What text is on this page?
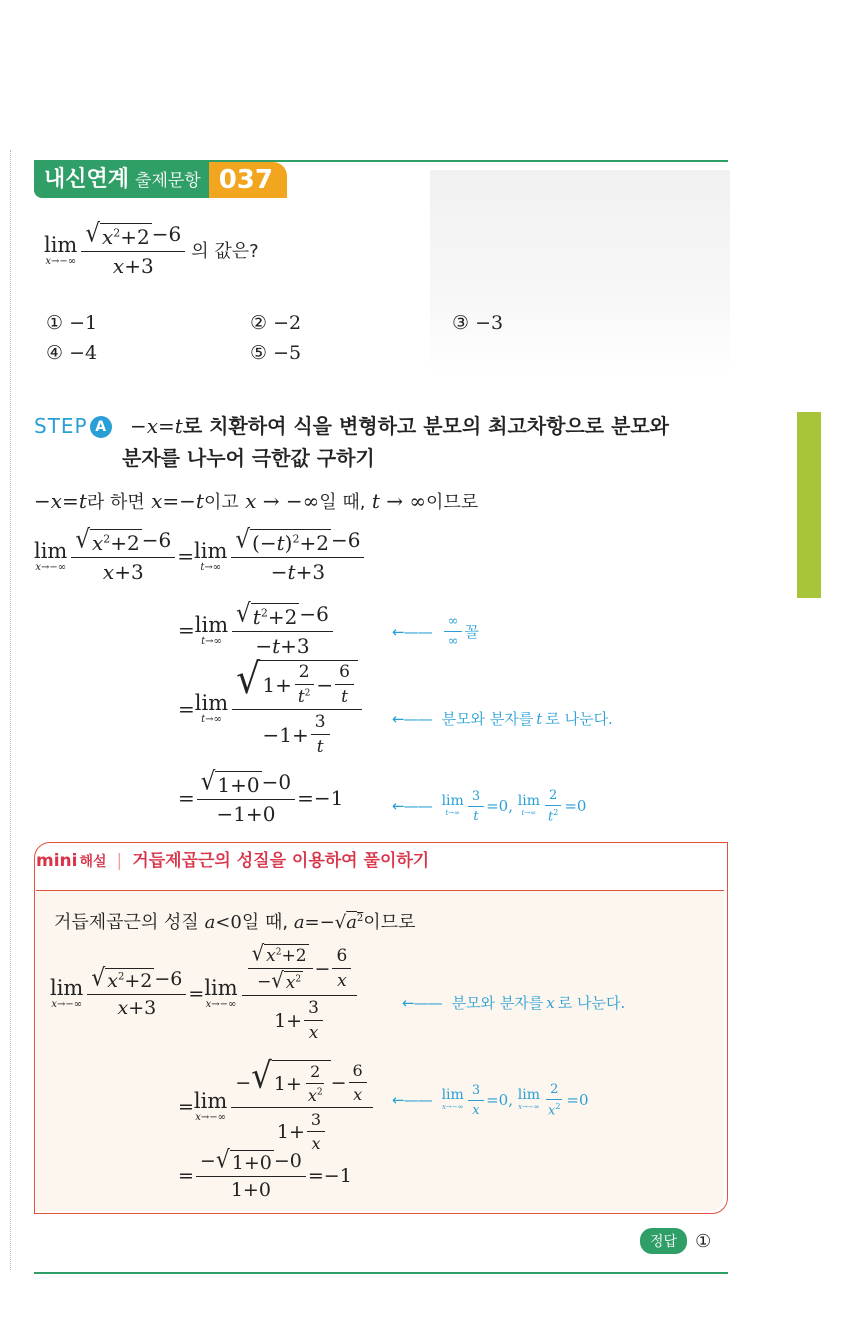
내신연계 출제문항 037
lim
$x\to-\infty \frac{√ x^2+2 -6}{x+3}$ 의 값은?
① −1	② −2	③ −3
④ −4	⑤ −5
STEP A −x=t로 치환하여 식을 변형하고 분모의 최고차항으로 분모와
분자를 나누어 극한값 구하기
−x=t라 하면 x=−t이고 x → −∞일 때, t → ∞이므로
lim
$x\to-\infty \frac{√ x^2+2 -6}{x+3} = \lim$
$t\to\infty \frac{√ (-t)^2+2 -6}{-t+3}$
= lim
$t\to\infty \frac{√ t^2+2 -6}{-t+3}$	←—— $\frac{\infty}{\infty}$ 꼴
= lim
$t\to\infty \frac{√ 1+ \frac{2}{t^2} - \frac{6}{t}}{-1+ \frac{3}{t}}$ ←—— 분모와 분자를 t 로 나눈다.
= $\frac{√ 1+0 -0}{-1+0} =-1$	←—— lim
$t\to\infty \frac{3}{t} =0$, lim
$t\to\infty \frac{2}{t^2} =0$
mini 해설 | 거듭제곱근의 성질을 이용하여 풀이하기
거듭제곱근의 성질 a<0일 때, $a=-√a^2$이므로
lim
$x\to-\infty \frac{√ x^2+2 -6}{x+3} = \lim$
$x\to-\infty \frac{\frac{√ x^2+2}{- √ x^2} - \frac{6}{x}}{1+ \frac{3}{x}}$	←—— 분모와 분자를 x 로 나눈다.
= lim
$x\to-\infty \frac{- √ 1+ \frac{2}{x^2} - \frac{6}{x}}{1+ \frac{3}{x}}$ ←—— lim
$x\to-\infty \frac{3}{x} =0$, lim
$x\to-\infty \frac{2}{x^2} =0$
= $\frac{- √ 1+0 -0}{1+0} =-1$
정답	①
